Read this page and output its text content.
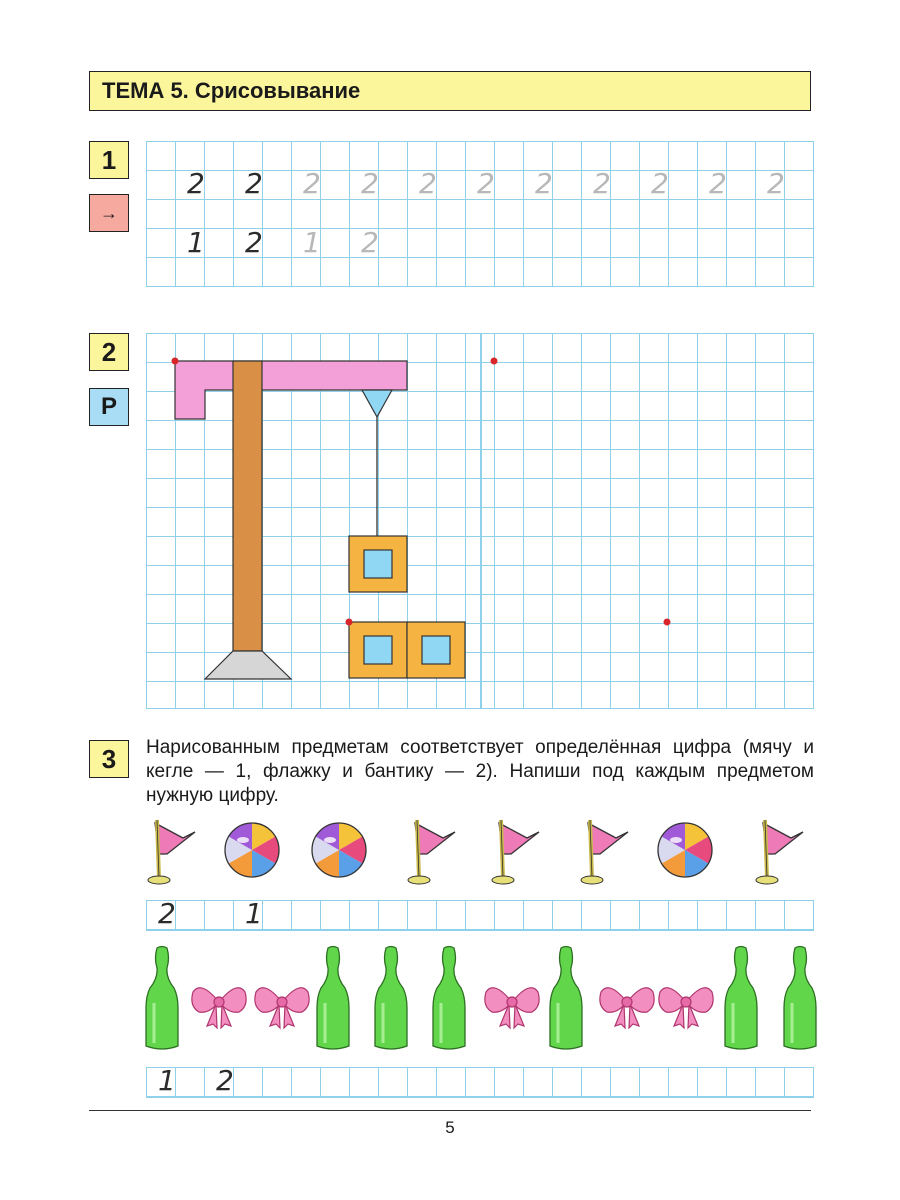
ТЕМА 5. Срисовывание
1
→
2 2 2 2 2 2 2 2 2 2 2
1 2 1 2
2
Р
3	Нарисованным предметам соответствует определённая цифра (мячу и кегле — 1, флажку и бантику — 2). Напиши под каждым предметом нужную цифру.
2 1
1 2
5
